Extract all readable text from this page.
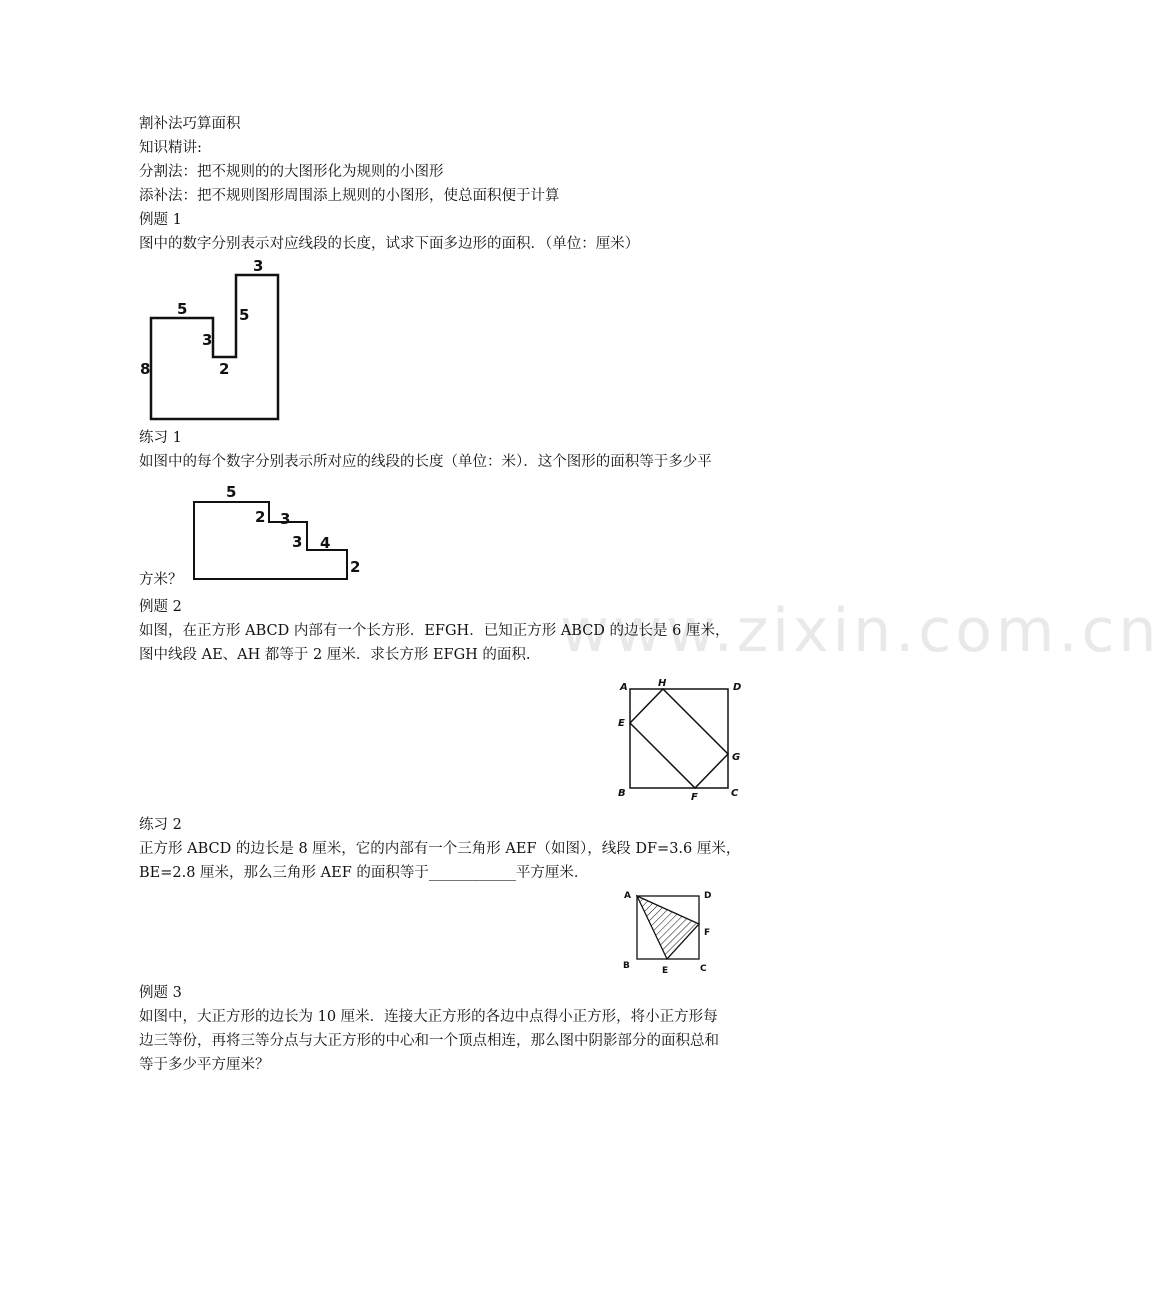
www.zixin.com.cn
割补法巧算面积
知识精讲:
分割法：把不规则的的大图形化为规则的小图形
添补法：把不规则图形周围添上规则的小图形，使总面积便于计算
例题 1
图中的数字分别表示对应线段的长度，试求下面多边形的面积．（单位：厘米）
3
5	5
3
2
8
练习 1
如图中的每个数字分别表示所对应的线段的长度（单位：米）．这个图形的面积等于多少平
5
2 3
3 4
2
方米？
例题 2
如图，在正方形 ABCD 内部有一个长方形．EFGH．已知正方形 ABCD 的边长是 6 厘米，
图中线段 AE、AH 都等于 2 厘米．求长方形 EFGH 的面积.
A	H	D
E
G
B	F	C
练习 2
正方形 ABCD 的边长是 8 厘米，它的内部有一个三角形 AEF（如图），线段 DF=3.6 厘米，
BE=2.8 厘米，那么三角形 AEF 的面积等于____________平方厘米．
A	D
F
B	E	C
例题 3
如图中，大正方形的边长为 10 厘米．连接大正方形的各边中点得小正方形，将小正方形每
边三等份，再将三等分点与大正方形的中心和一个顶点相连，那么图中阴影部分的面积总和
等于多少平方厘米？
